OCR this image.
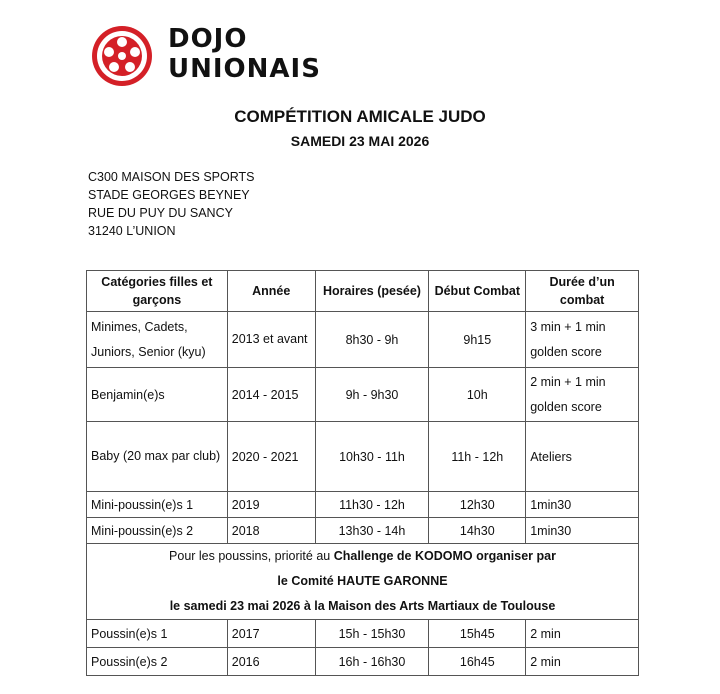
DOJO
UNIONAIS
COMPÉTITION AMICALE JUDO
SAMEDI 23 MAI 2026
C300 MAISON DES SPORTS
STADE GEORGES BEYNEY
RUE DU PUY DU SANCY
31240 L’UNION
Catégories filles et garçons	Année	Horaires (pesée)	Début Combat	Durée d’un combat
Minimes, Cadets, Juniors, Senior (kyu)	2013 et avant	8h30 - 9h	9h15	3 min + 1 min golden score
Benjamin(e)s	2014 - 2015	9h - 9h30	10h	2 min + 1 min golden score
Baby (20 max par club)	2020 - 2021	10h30 - 11h	11h - 12h	Ateliers
Mini-poussin(e)s 1	2019	11h30 - 12h	12h30	1min30
Mini-poussin(e)s 2	2018	13h30 - 14h	14h30	1min30

Pour les poussins, priorité au Challenge de KODOMO organiser par
le Comité HAUTE GARONNE
le samedi 23 mai 2026 à la Maison des Arts Martiaux de Toulouse				

Poussin(e)s 1	2017	15h - 15h30	15h45	2 min
Poussin(e)s 2	2016	16h - 16h30	16h45	2 min
